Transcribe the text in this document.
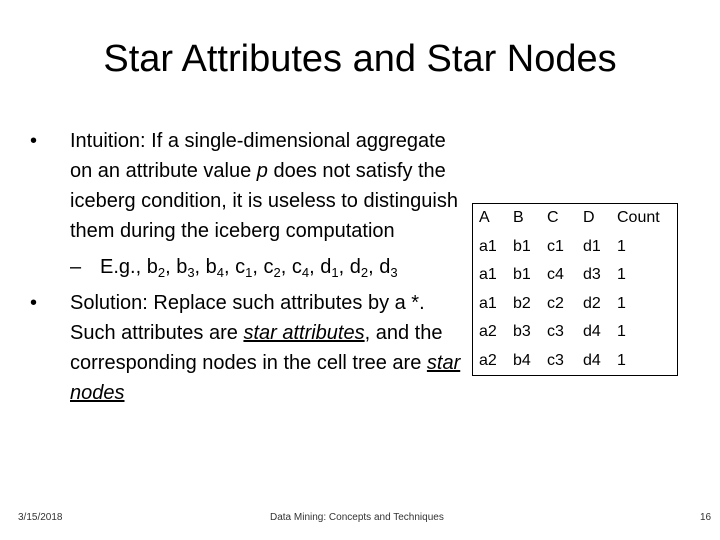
Star Attributes and Star Nodes
•	Intuition: If a single-dimensional aggregate on an attribute value p does not satisfy the iceberg condition, it is useless to distinguish them during the iceberg computation
– E.g., $b_2$, $b_3$, $b_4$, $c_1$, $c_2$, $c_4$, $d_1$, $d_2$, $d_3$
•	Solution: Replace such attributes by a *. Such attributes are star attributes, and the corresponding nodes in the cell tree are star nodes
A	B	C	D	Count
a1	b1	c1	d1	1
a1	b1	c4	d3	1
a1	b2	c2	d2	1
a2	b3	c3	d4	1
a2	b4	c3	d4	1
3/15/2018	Data Mining: Concepts and Techniques	16
